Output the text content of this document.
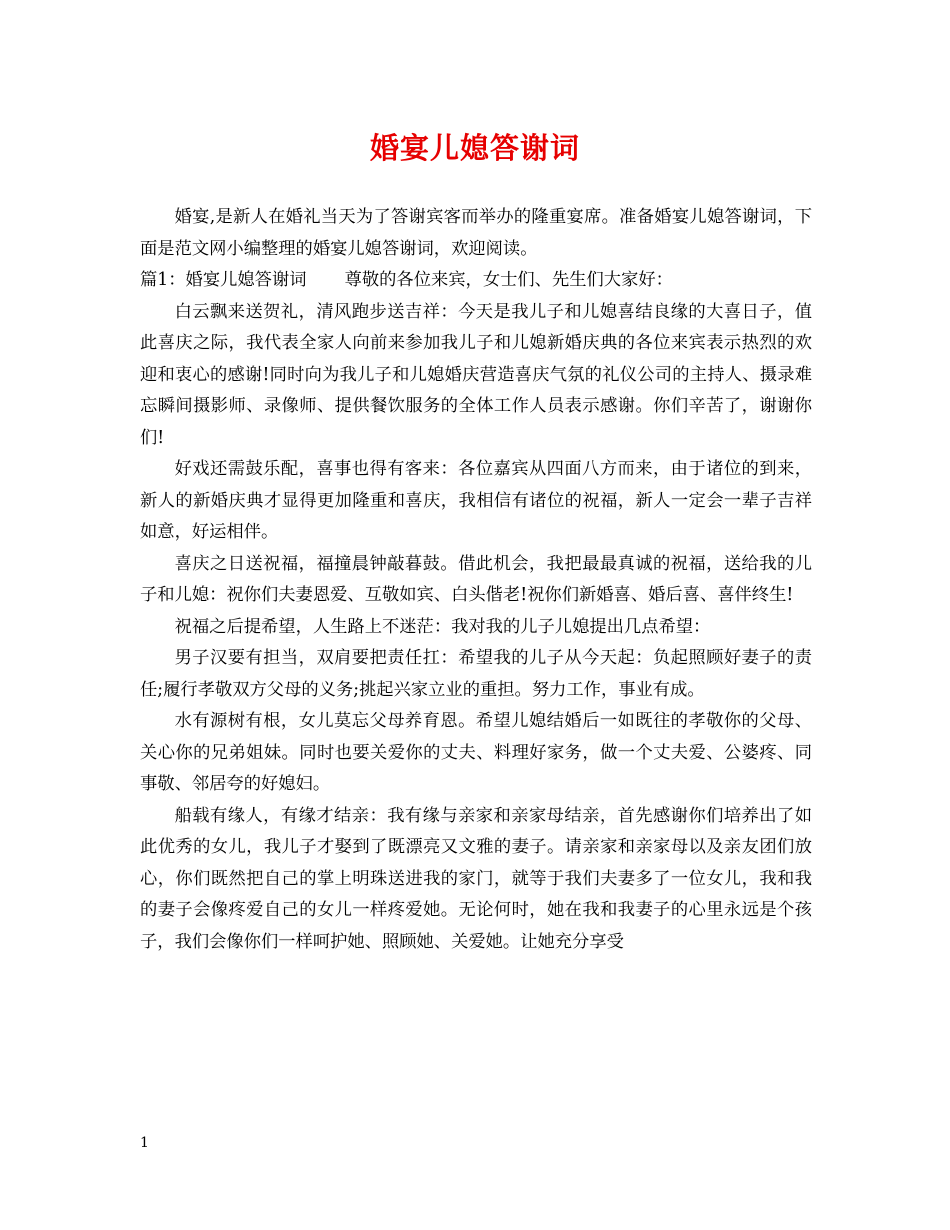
婚宴儿媳答谢词

婚宴,是新人在婚礼当天为了答谢宾客而举办的隆重宴席。准备婚宴儿媳答谢词，下面是范文网小编整理的婚宴儿媳答谢词，欢迎阅读。

篇1：婚宴儿媳答谢词 尊敬的各位来宾，女士们、先生们大家好：

白云飘来送贺礼，清风跑步送吉祥：今天是我儿子和儿媳喜结良缘的大喜日子，值此喜庆之际，我代表全家人向前来参加我儿子和儿媳新婚庆典的各位来宾表示热烈的欢迎和衷心的感谢!同时向为我儿子和儿媳婚庆营造喜庆气氛的礼仪公司的主持人、摄录难忘瞬间摄影师、录像师、提供餐饮服务的全体工作人员表示感谢。你们辛苦了，谢谢你们!

好戏还需鼓乐配，喜事也得有客来：各位嘉宾从四面八方而来，由于诸位的到来，新人的新婚庆典才显得更加隆重和喜庆，我相信有诸位的祝福，新人一定会一辈子吉祥如意，好运相伴。

喜庆之日送祝福，福撞晨钟敲暮鼓。借此机会，我把最最真诚的祝福，送给我的儿子和儿媳：祝你们夫妻恩爱、互敬如宾、白头偕老!祝你们新婚喜、婚后喜、喜伴终生!

祝福之后提希望，人生路上不迷茫：我对我的儿子儿媳提出几点希望：

男子汉要有担当，双肩要把责任扛：希望我的儿子从今天起：负起照顾好妻子的责任;履行孝敬双方父母的义务;挑起兴家立业的重担。努力工作，事业有成。

水有源树有根，女儿莫忘父母养育恩。希望儿媳结婚后一如既往的孝敬你的父母、关心你的兄弟姐妹。同时也要关爱你的丈夫、料理好家务，做一个丈夫爱、公婆疼、同事敬、邻居夸的好媳妇。

船载有缘人，有缘才结亲：我有缘与亲家和亲家母结亲，首先感谢你们培养出了如此优秀的女儿，我儿子才娶到了既漂亮又文雅的妻子。请亲家和亲家母以及亲友团们放心，你们既然把自己的掌上明珠送进我的家门，就等于我们夫妻多了一位女儿，我和我的妻子会像疼爱自己的女儿一样疼爱她。无论何时，她在我和我妻子的心里永远是个孩子，我们会像你们一样呵护她、照顾她、关爱她。让她充分享受

1
